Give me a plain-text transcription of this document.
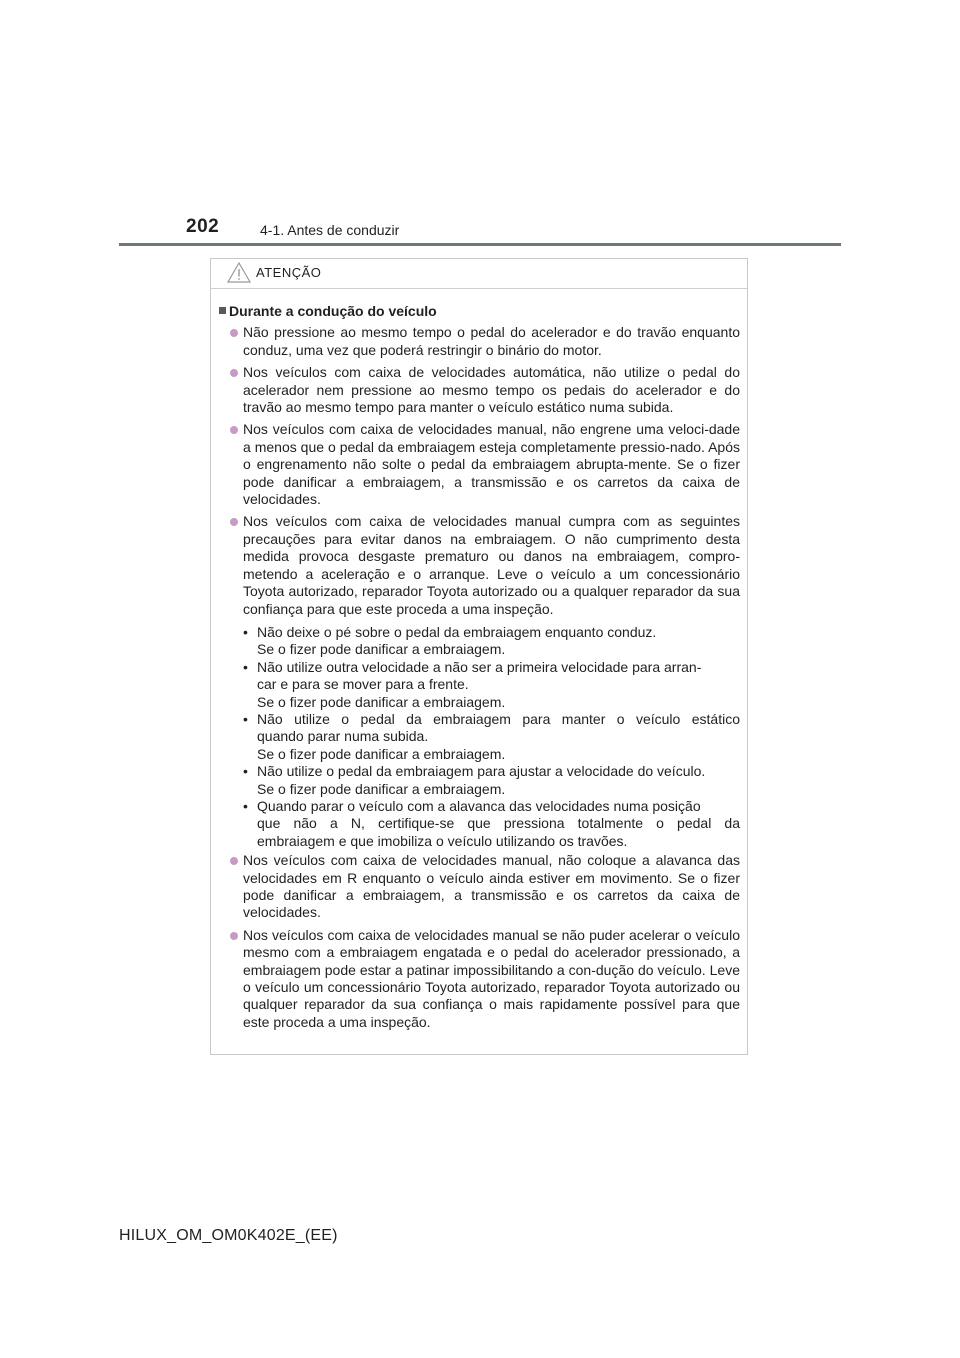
202	4-1. Antes de conduzir
ATENÇÃO
Durante a condução do veículo
Não pressione ao mesmo tempo o pedal do acelerador e do travão enquanto conduz, uma vez que poderá restringir o binário do motor.
Nos veículos com caixa de velocidades automática, não utilize o pedal do acelerador nem pressione ao mesmo tempo os pedais do acelerador e do travão ao mesmo tempo para manter o veículo estático numa subida.
Nos veículos com caixa de velocidades manual, não engrene uma veloci-dade a menos que o pedal da embraiagem esteja completamente pressio-nado. Após o engrenamento não solte o pedal da embraiagem abrupta-mente. Se o fizer pode danificar a embraiagem, a transmissão e os carretos da caixa de velocidades.
Nos veículos com caixa de velocidades manual cumpra com as seguintes precauções para evitar danos na embraiagem. O não cumprimento desta medida provoca desgaste prematuro ou danos na embraiagem, compro-metendo a aceleração e o arranque. Leve o veículo a um concessionário Toyota autorizado, reparador Toyota autorizado ou a qualquer reparador da sua confiança para que este proceda a uma inspeção.
• Não deixe o pé sobre o pedal da embraiagem enquanto conduz.
Se o fizer pode danificar a embraiagem.
• Não utilize outra velocidade a não ser a primeira velocidade para arran-
car e para se mover para a frente.
Se o fizer pode danificar a embraiagem.
• Não utilize o pedal da embraiagem para manter o veículo estático
quando parar numa subida.
Se o fizer pode danificar a embraiagem.
• Não utilize o pedal da embraiagem para ajustar a velocidade do veículo.
Se o fizer pode danificar a embraiagem.
• Quando parar o veículo com a alavanca das velocidades numa posição
que não a N, certifique-se que pressiona totalmente o pedal da
embraiagem e que imobiliza o veículo utilizando os travões.
Nos veículos com caixa de velocidades manual, não coloque a alavanca das velocidades em R enquanto o veículo ainda estiver em movimento. Se o fizer pode danificar a embraiagem, a transmissão e os carretos da caixa de velocidades.
Nos veículos com caixa de velocidades manual se não puder acelerar o veículo mesmo com a embraiagem engatada e o pedal do acelerador pressionado, a embraiagem pode estar a patinar impossibilitando a con-dução do veículo. Leve o veículo um concessionário Toyota autorizado, reparador Toyota autorizado ou qualquer reparador da sua confiança o mais rapidamente possível para que este proceda a uma inspeção.
HILUX_OM_OM0K402E_(EE)
